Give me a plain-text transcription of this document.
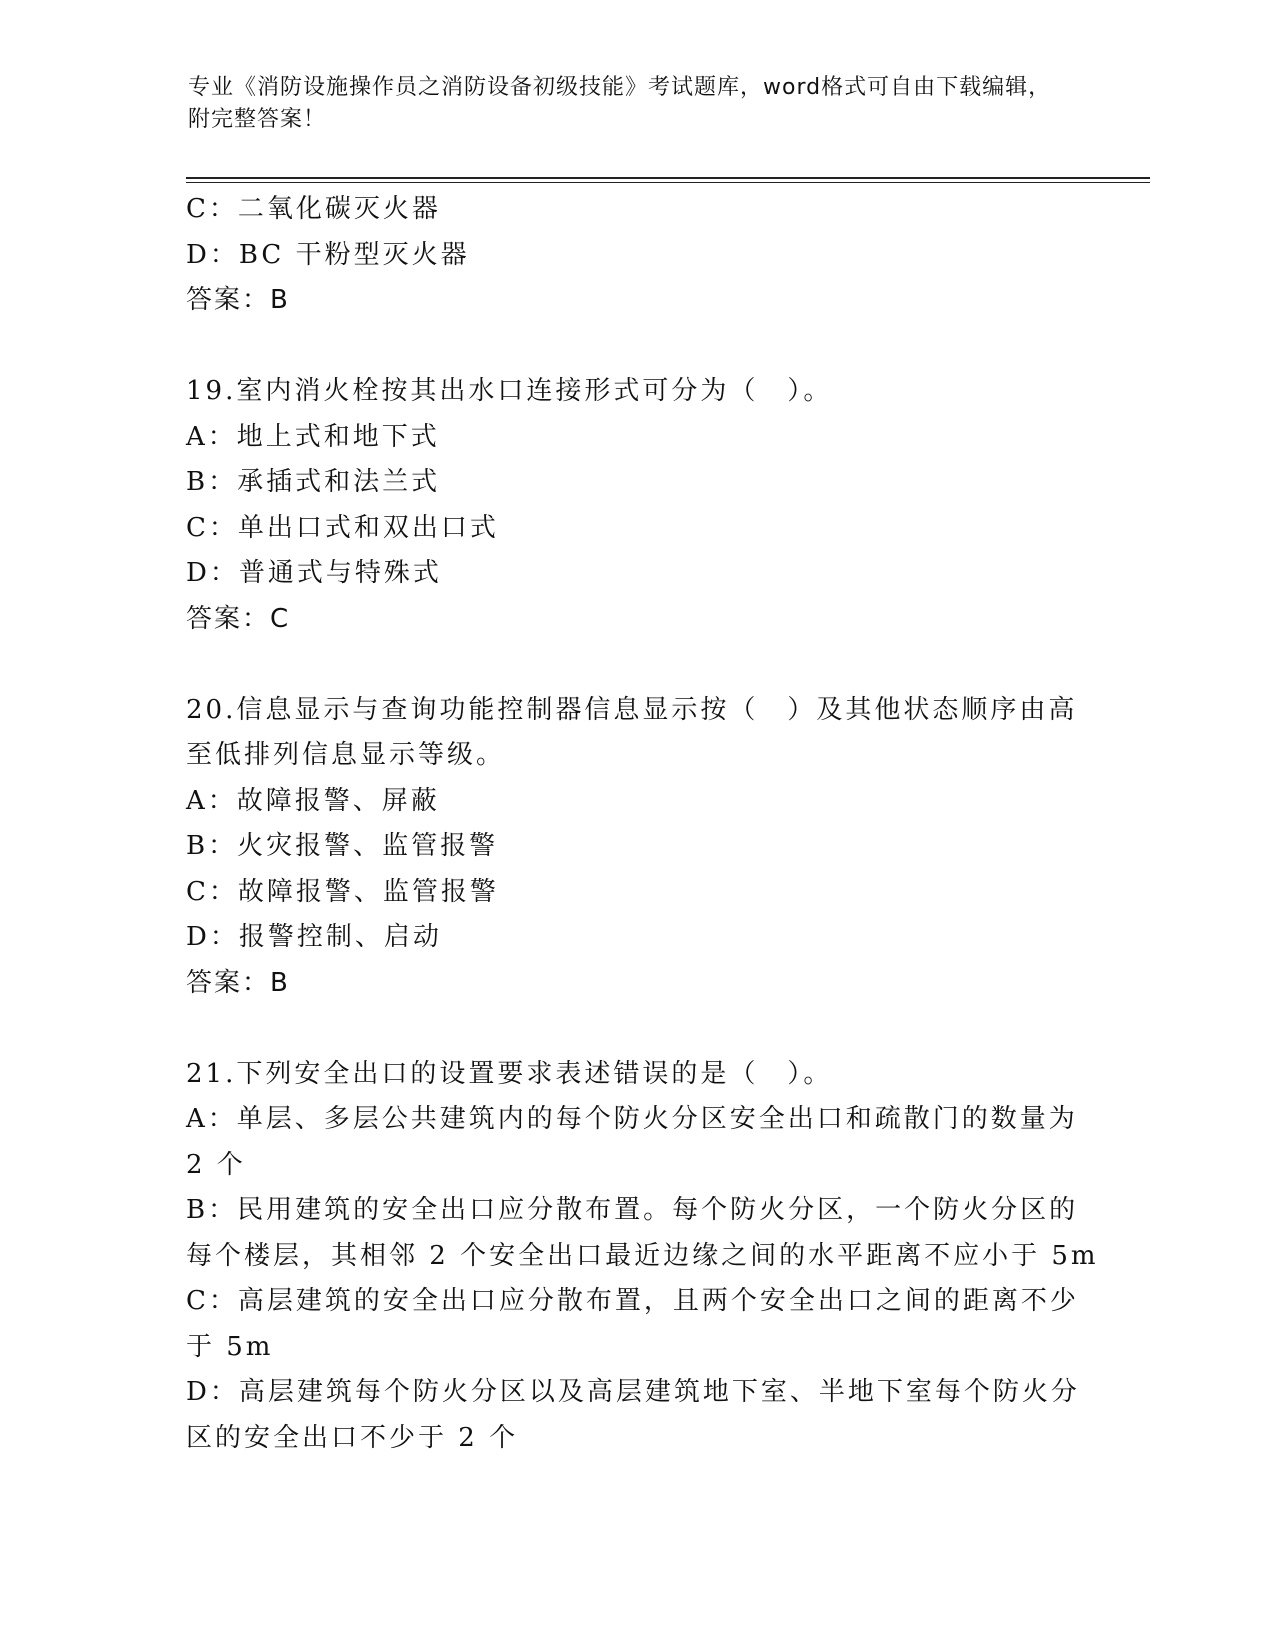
专业《消防设施操作员之消防设备初级技能》考试题库，word格式可自由下载编辑，附完整答案！
C：二氧化碳灭火器
D：BC 干粉型灭火器
答案：B
19.室内消火栓按其出水口连接形式可分为（　）。
A：地上式和地下式
B：承插式和法兰式
C：单出口式和双出口式
D：普通式与特殊式
答案：C
20.信息显示与查询功能控制器信息显示按（　）及其他状态顺序由高
至低排列信息显示等级。
A：故障报警、屏蔽
B：火灾报警、监管报警
C：故障报警、监管报警
D：报警控制、启动
答案：B
21.下列安全出口的设置要求表述错误的是（　）。
A：单层、多层公共建筑内的每个防火分区安全出口和疏散门的数量为
2 个
B：民用建筑的安全出口应分散布置。每个防火分区，一个防火分区的
每个楼层，其相邻 2 个安全出口最近边缘之间的水平距离不应小于 5m
C：高层建筑的安全出口应分散布置，且两个安全出口之间的距离不少
于 5m
D：高层建筑每个防火分区以及高层建筑地下室、半地下室每个防火分
区的安全出口不少于 2 个
